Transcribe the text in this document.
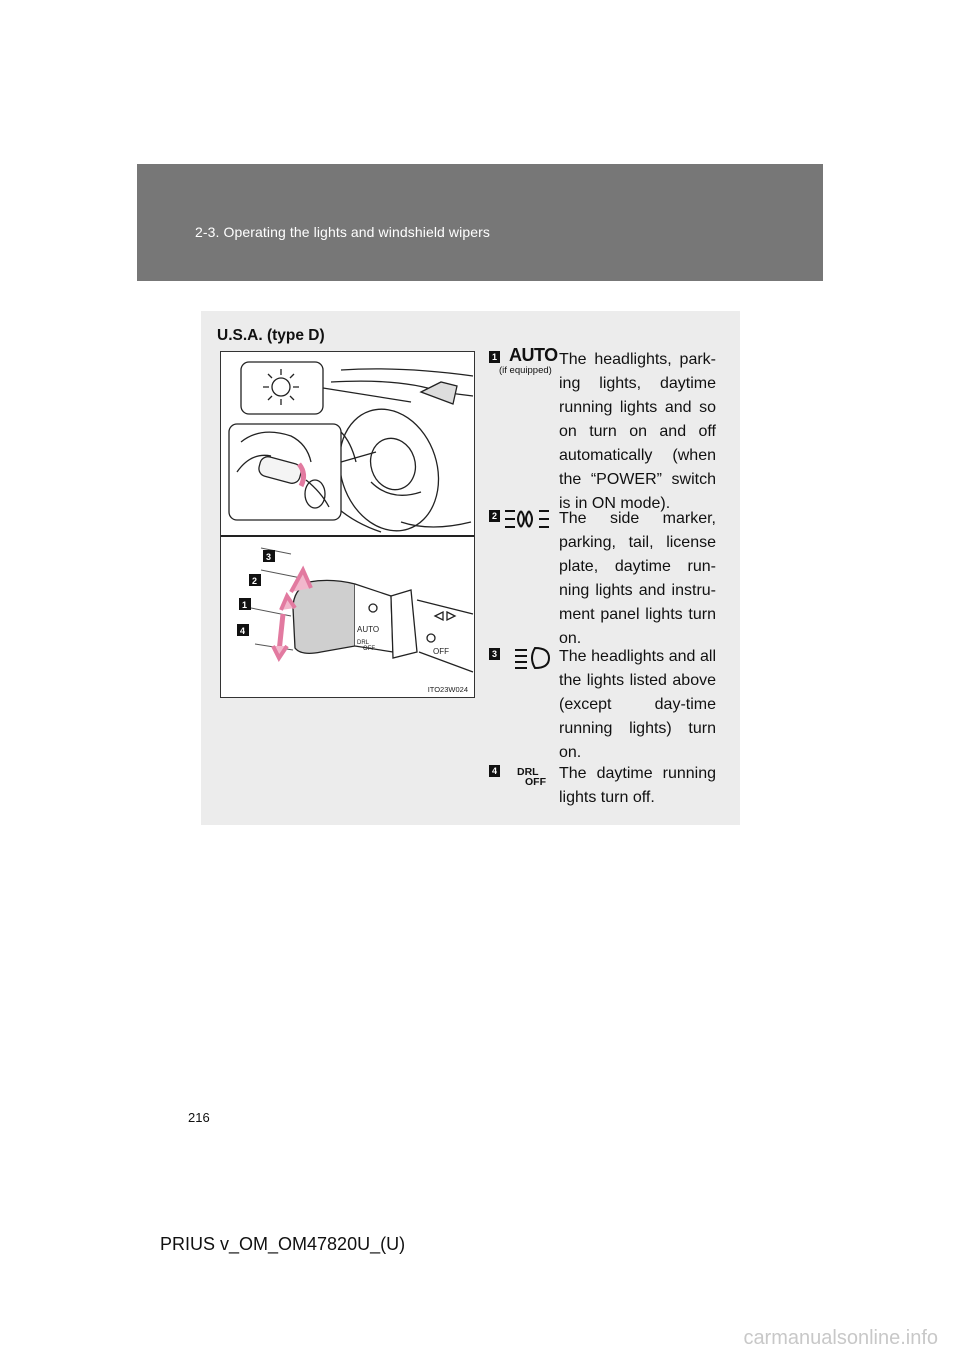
2-3. Operating the lights and windshield wipers
U.S.A. (type D)
AUTO
DRL
OFF	OFF
3
2
1
4
ITO23W024
1 AUTO
(if equipped)
The headlights, park-ing lights, daytime running lights and so on turn on and off automatically (when the “POWER” switch is in ON mode).
2	The side marker, parking, tail, license plate, daytime run-ning lights and instru-ment panel lights turn on.
3	The headlights and all the lights listed above (except day-time running lights) turn on.
4 DRL
OFF The daytime running lights turn off.
216
PRIUS v_OM_OM47820U_(U)
carmanualsonline.info
